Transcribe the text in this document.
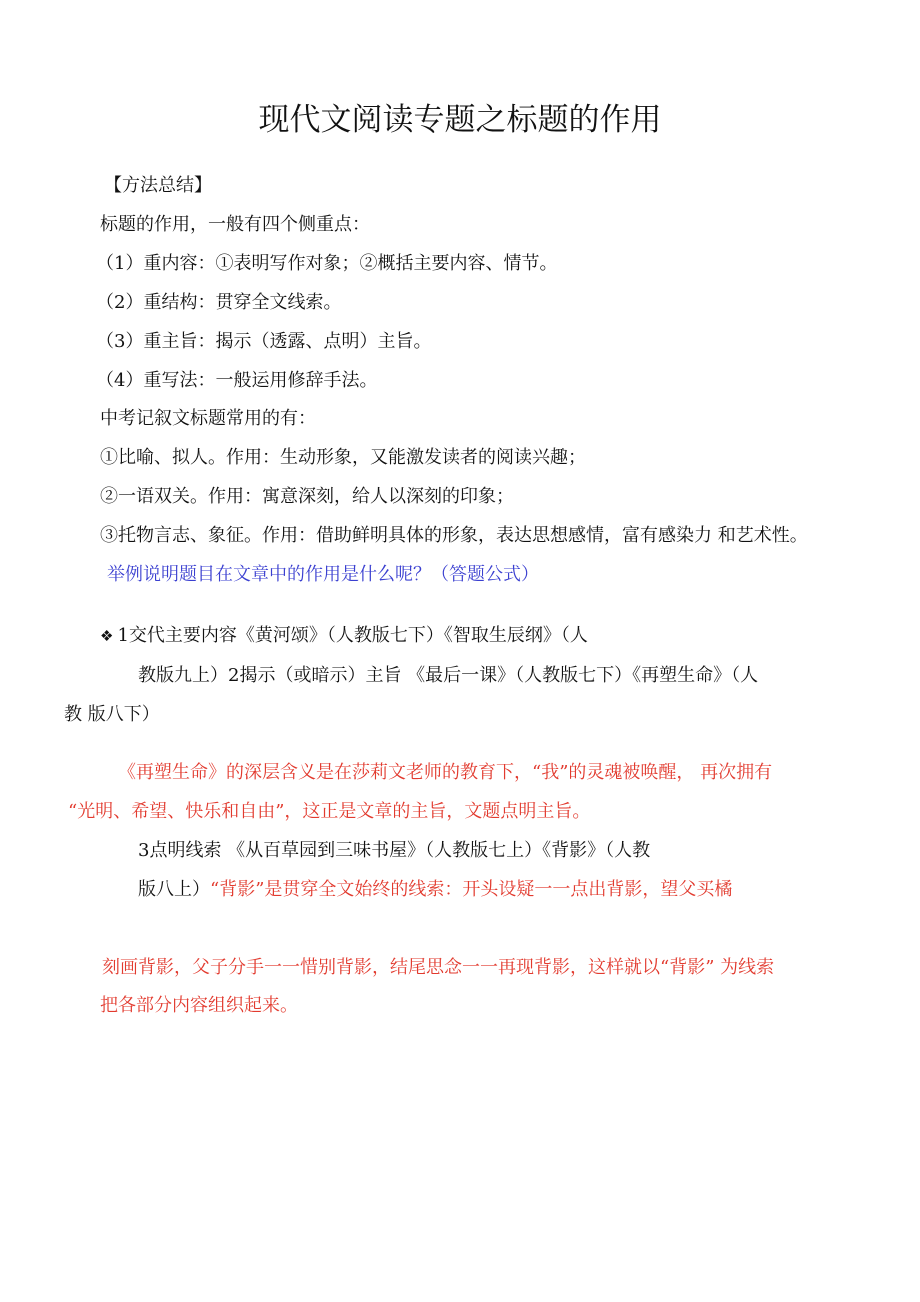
现代文阅读专题之标题的作用
【方法总结】
标题的作用，一般有四个侧重点：
（1）重内容：①表明写作对象；②概括主要内容、情节。
（2）重结构：贯穿全文线索。
（3）重主旨：揭示（透露、点明）主旨。
（4）重写法：一般运用修辞手法。
中考记叙文标题常用的有：
①比喻、拟人。作用：生动形象，又能激发读者的阅读兴趣；
②一语双关。作用：寓意深刻，给人以深刻的印象；
③托物言志、象征。作用：借助鲜明具体的形象，表达思想感情，富有感染力 和艺术性。
举例说明题目在文章中的作用是什么呢？（答题公式）
❖ 1交代主要内容《黄河颂》（人教版七下）《智取生辰纲》（人
教版九上）2揭示（或暗示）主旨 《最后一课》（人教版七下）《再塑生命》（人
教 版八下）
《再塑生命》的深层含义是在莎莉文老师的教育下，“我”的灵魂被唤醒， 再次拥有
“光明、希望、快乐和自由”，这正是文章的主旨，文题点明主旨。
3点明线索 《从百草园到三味书屋》（人教版七上）《背影》（人教
版八上）“背影”是贯穿全文始终的线索：开头设疑一一点出背影，望父买橘
刻画背影，父子分手一一惜别背影，结尾思念一一再现背影，这样就以“背影” 为线索
把各部分内容组织起来。
